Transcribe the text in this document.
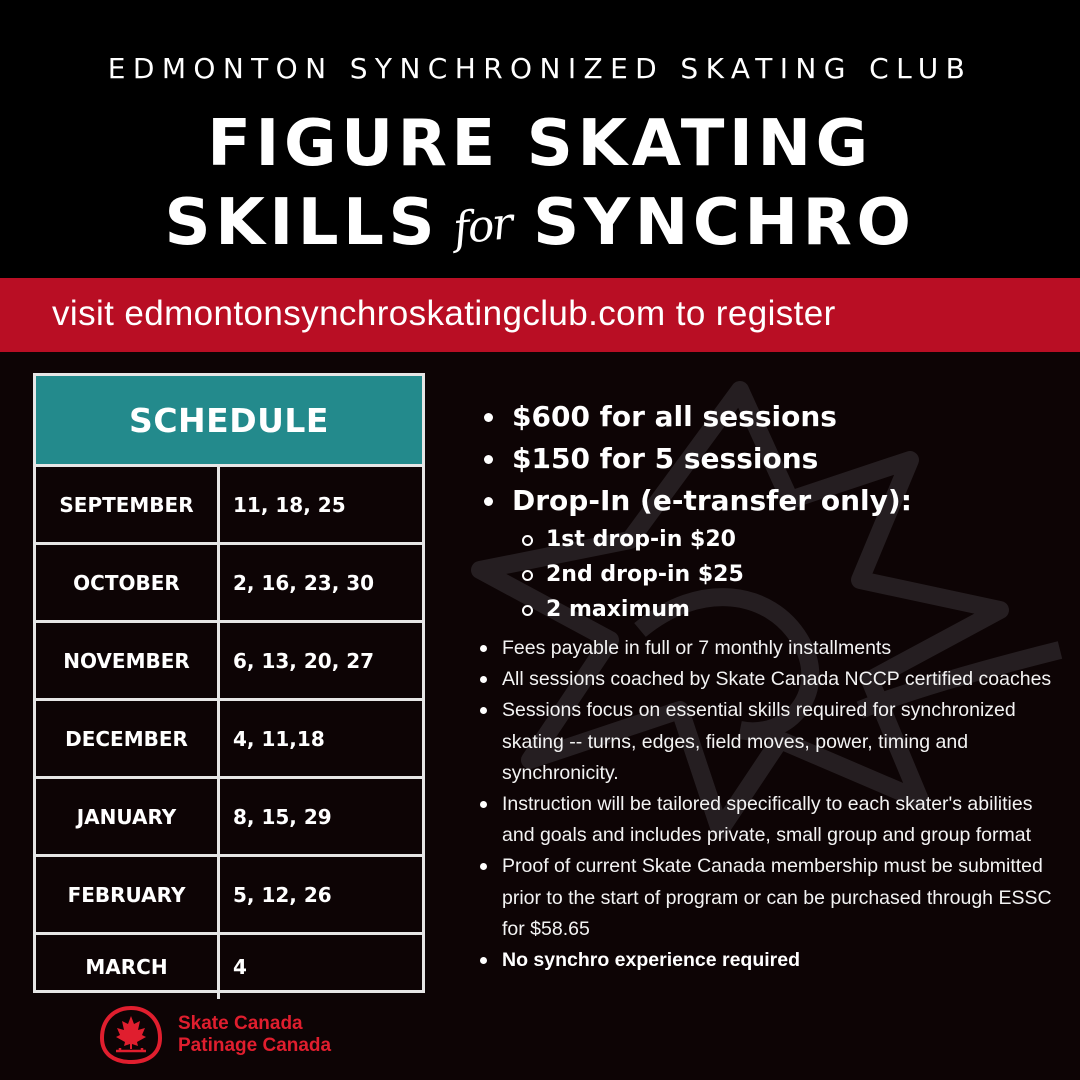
EDMONTON SYNCHRONIZED SKATING CLUB
FIGURE SKATING
SKILLS for SYNCHRO
visit edmontonsynchroskatingclub.com to register
SCHEDULE
SEPTEMBER	11, 18, 25
OCTOBER	2, 16, 23, 30
NOVEMBER	6, 13, 20, 27
DECEMBER	4, 11,18
JANUARY	8, 15, 29
FEBRUARY	5, 12, 26
MARCH	4
$600 for all sessions
$150 for 5 sessions
Drop-In (e-transfer only):
1st drop-in $20
2nd drop-in $25
2 maximum
Fees payable in full or 7 monthly installments
All sessions coached by Skate Canada NCCP certified coaches
Sessions focus on essential skills required for synchronized skating -- turns, edges, field moves, power, timing and synchronicity.
Instruction will be tailored specifically to each skater's abilities and goals and includes private, small group and group format
Proof of current Skate Canada membership must be submitted prior to the start of program or can be purchased through ESSC for $58.65
No synchro experience required
Skate Canada
Patinage Canada
